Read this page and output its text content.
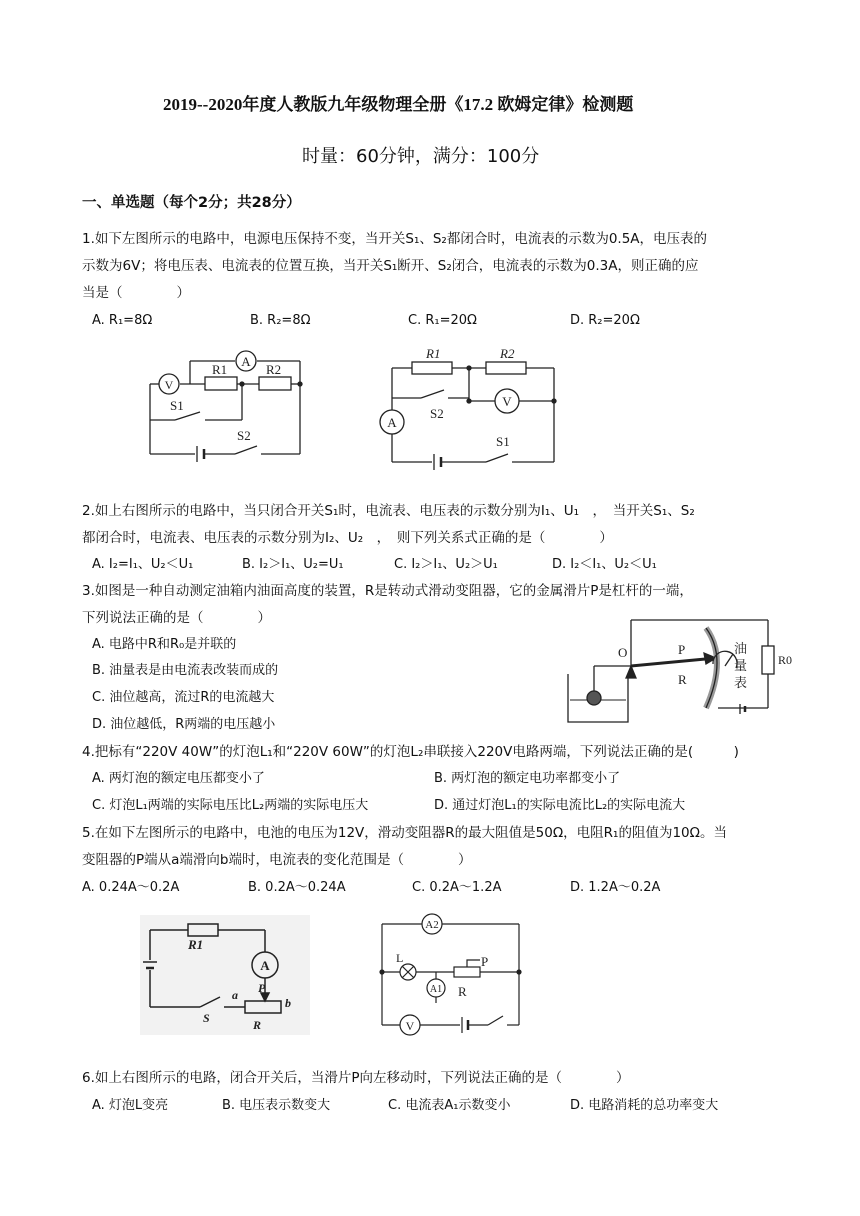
2019--2020年度人教版九年级物理全册《17.2 欧姆定律》检测题
时量：60分钟，满分：100分
一、单选题（每个2分；共28分）
1.如下左图所示的电路中，电源电压保持不变，当开关S₁、S₂都闭合时，电流表的示数为0.5A，电压表的
示数为6V；将电压表、电流表的位置互换，当开关S₁断开、S₂闭合，电流表的示数为0.3A，则正确的应
当是（　　　　）
A. R₁=8Ω	B. R₂=8Ω	C. R₁=20Ω	D. R₂=20Ω
A
R1	R2
V
S1
S2
R1	R2
A
S2
V
S1
2.如上右图所示的电路中，当只闭合开关S₁时，电流表、电压表的示数分别为I₁、U₁　，　当开关S₁、S₂
都闭合时，电流表、电压表的示数分别为I₂、U₂　，　则下列关系式正确的是（　　　　）
A. I₂=I₁、U₂＜U₁	B. I₂＞I₁、U₂=U₁	C. I₂＞I₁、U₂＞U₁	D. I₂＜I₁、U₂＜U₁
3.如图是一种自动测定油箱内油面高度的装置，R是转动式滑动变阻器，它的金属滑片P是杠杆的一端，
下列说法正确的是（　　　　）
A. 电路中R和R₀是并联的
B. 油量表是由电流表改装而成的
C. 油位越高，流过R的电流越大
D. 油位越低，R两端的电压越小
O	P
R
油
量
表
R0
4.把标有“220V 40W”的灯泡L₁和“220V 60W”的灯泡L₂串联接入220V电路两端，下列说法正确的是(　　　)
A. 两灯泡的额定电压都变小了	B. 两灯泡的额定电功率都变小了
C. 灯泡L₁两端的实际电压比L₂两端的实际电压大	D. 通过灯泡L₁的实际电流比L₂的实际电流大
5.在如下左图所示的电路中，电池的电压为12V，滑动变阻器R的最大阻值是50Ω，电阻R₁的阻值为10Ω。当
变阻器的P端从a端滑向b端时，电流表的变化范围是（　　　　）
A. 0.24A～0.2A	B. 0.2A～0.24A	C. 0.2A～1.2A	D. 1.2A～0.2A
R1
A
P
a
b
S	R
A2
L	P
A1 R
V
6.如上右图所示的电路，闭合开关后，当滑片P向左移动时，下列说法正确的是（　　　　）
A. 灯泡L变亮	B. 电压表示数变大	C. 电流表A₁示数变小	D. 电路消耗的总功率变大
